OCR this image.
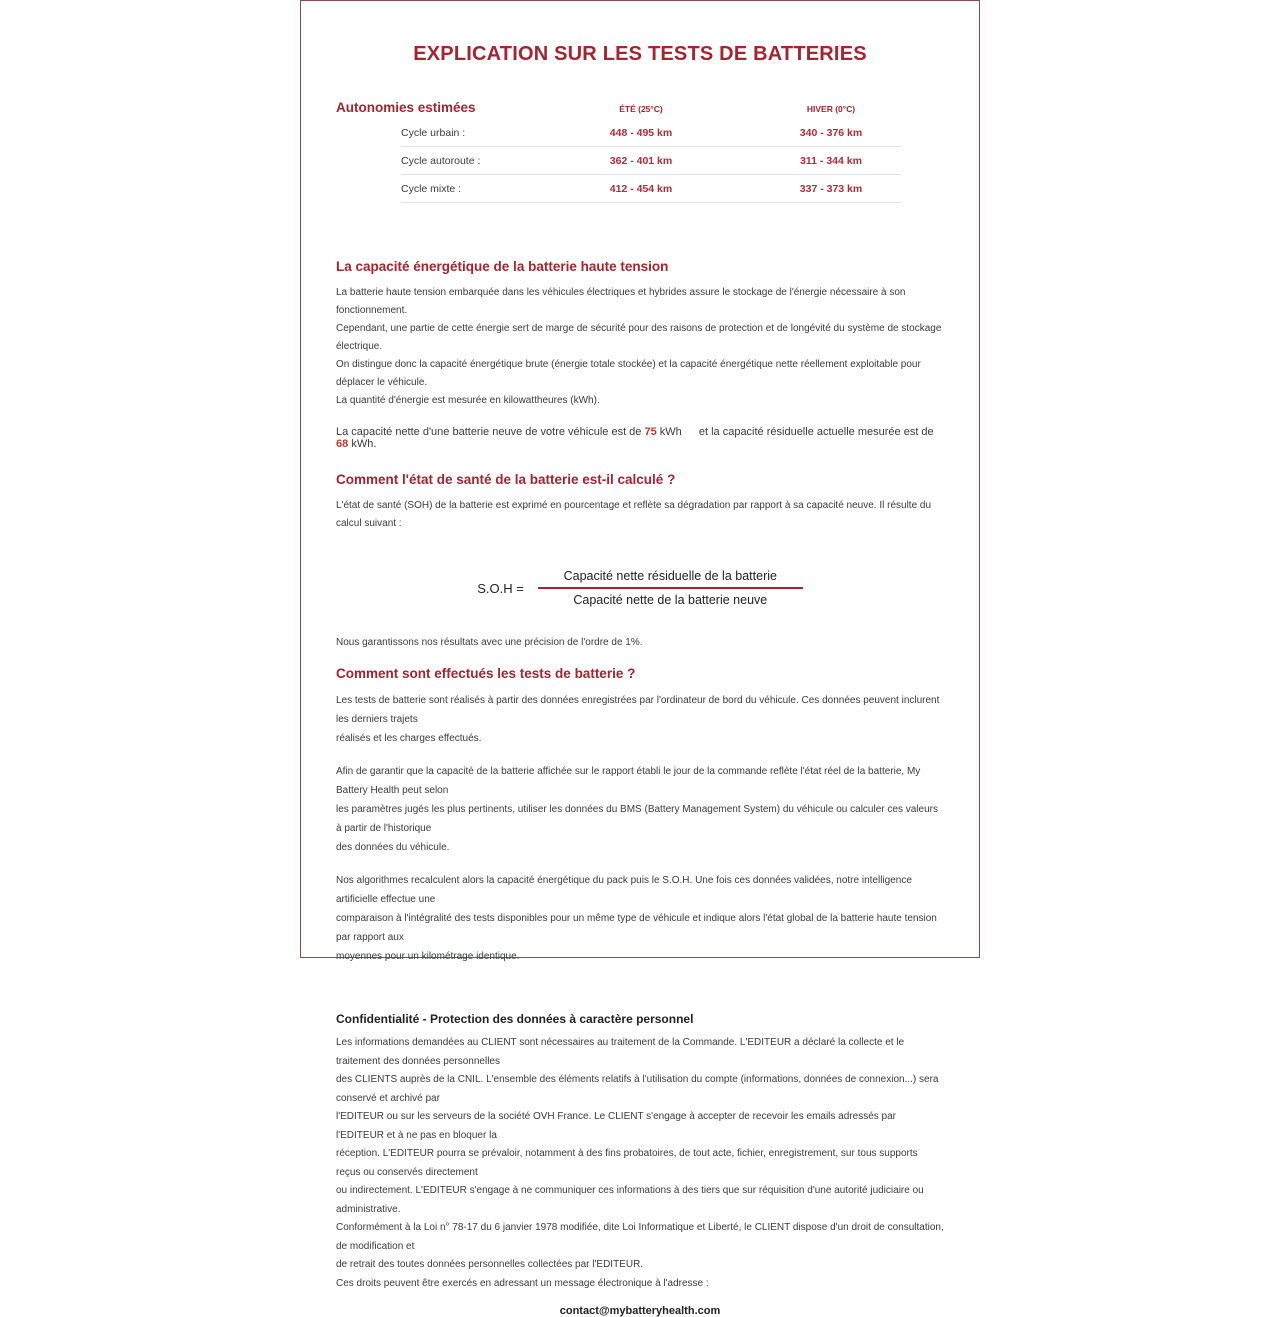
EXPLICATION SUR LES TESTS DE BATTERIES
Autonomies estimées	ÉTÉ (25°C)	HIVER (0°C)
Cycle urbain :	448 - 495 km	340 - 376 km
Cycle autoroute :	362 - 401 km	311 - 344 km
Cycle mixte :	412 - 454 km	337 - 373 km
La capacité énergétique de la batterie haute tension
La batterie haute tension embarquée dans les véhicules électriques et hybrides assure le stockage de l'énergie nécessaire à son fonctionnement.
Cependant, une partie de cette énergie sert de marge de sécurité pour des raisons de protection et de longévité du système de stockage électrique.
On distingue donc la capacité énergétique brute (énergie totale stockée) et la capacité énergétique nette réellement exploitable pour déplacer le véhicule.
La quantité d'énergie est mesurée en kilowattheures (kWh).
La capacité nette d'une batterie neuve de votre véhicule est de 75 kWh et la capacité résiduelle actuelle mesurée est de 68 kWh.
Comment l'état de santé de la batterie est-il calculé ?
L'état de santé (SOH) de la batterie est exprimé en pourcentage et reflète sa dégradation par rapport à sa capacité neuve. Il résulte du calcul suivant :
$S.O.H = \frac{\text{Capacité nette résiduelle de la batterie}}{\text{Capacité nette de la batterie neuve}}$
Nous garantissons nos résultats avec une précision de l'ordre de 1%.
Comment sont effectués les tests de batterie ?
Les tests de batterie sont réalisés à partir des données enregistrées par l'ordinateur de bord du véhicule. Ces données peuvent inclurent les derniers trajets
réalisés et les charges effectués.
Afin de garantir que la capacité de la batterie affichée sur le rapport établi le jour de la commande reflète l'état réel de la batterie, My Battery Health peut selon
les paramètres jugés les plus pertinents, utiliser les données du BMS (Battery Management System) du véhicule ou calculer ces valeurs à partir de l'historique
des données du véhicule.
Nos algorithmes recalculent alors la capacité énergétique du pack puis le S.O.H. Une fois ces données validées, notre intelligence artificielle effectue une
comparaison à l'intégralité des tests disponibles pour un même type de véhicule et indique alors l'état global de la batterie haute tension par rapport aux
moyennes pour un kilométrage identique.
Confidentialité - Protection des données à caractère personnel
Les informations demandées au CLIENT sont nécessaires au traitement de la Commande. L'EDITEUR a déclaré la collecte et le traitement des données personnelles
des CLIENTS auprès de la CNIL. L'ensemble des éléments relatifs à l'utilisation du compte (informations, données de connexion...) sera conservé et archivé par
l'EDITEUR ou sur les serveurs de la société OVH France. Le CLIENT s'engage à accepter de recevoir les emails adressés par l'EDITEUR et à ne pas en bloquer la
réception. L'EDITEUR pourra se prévaloir, notamment à des fins probatoires, de tout acte, fichier, enregistrement, sur tous supports reçus ou conservés directement
ou indirectement. L'EDITEUR s'engage à ne communiquer ces informations à des tiers que sur réquisition d'une autorité judiciaire ou administrative.
Conformément à la Loi n° 78-17 du 6 janvier 1978 modifiée, dite Loi Informatique et Liberté, le CLIENT dispose d'un droit de consultation, de modification et
de retrait des toutes données personnelles collectées par l'EDITEUR.
Ces droits peuvent être exercés en adressant un message électronique à l'adresse :
contact@mybatteryhealth.com
